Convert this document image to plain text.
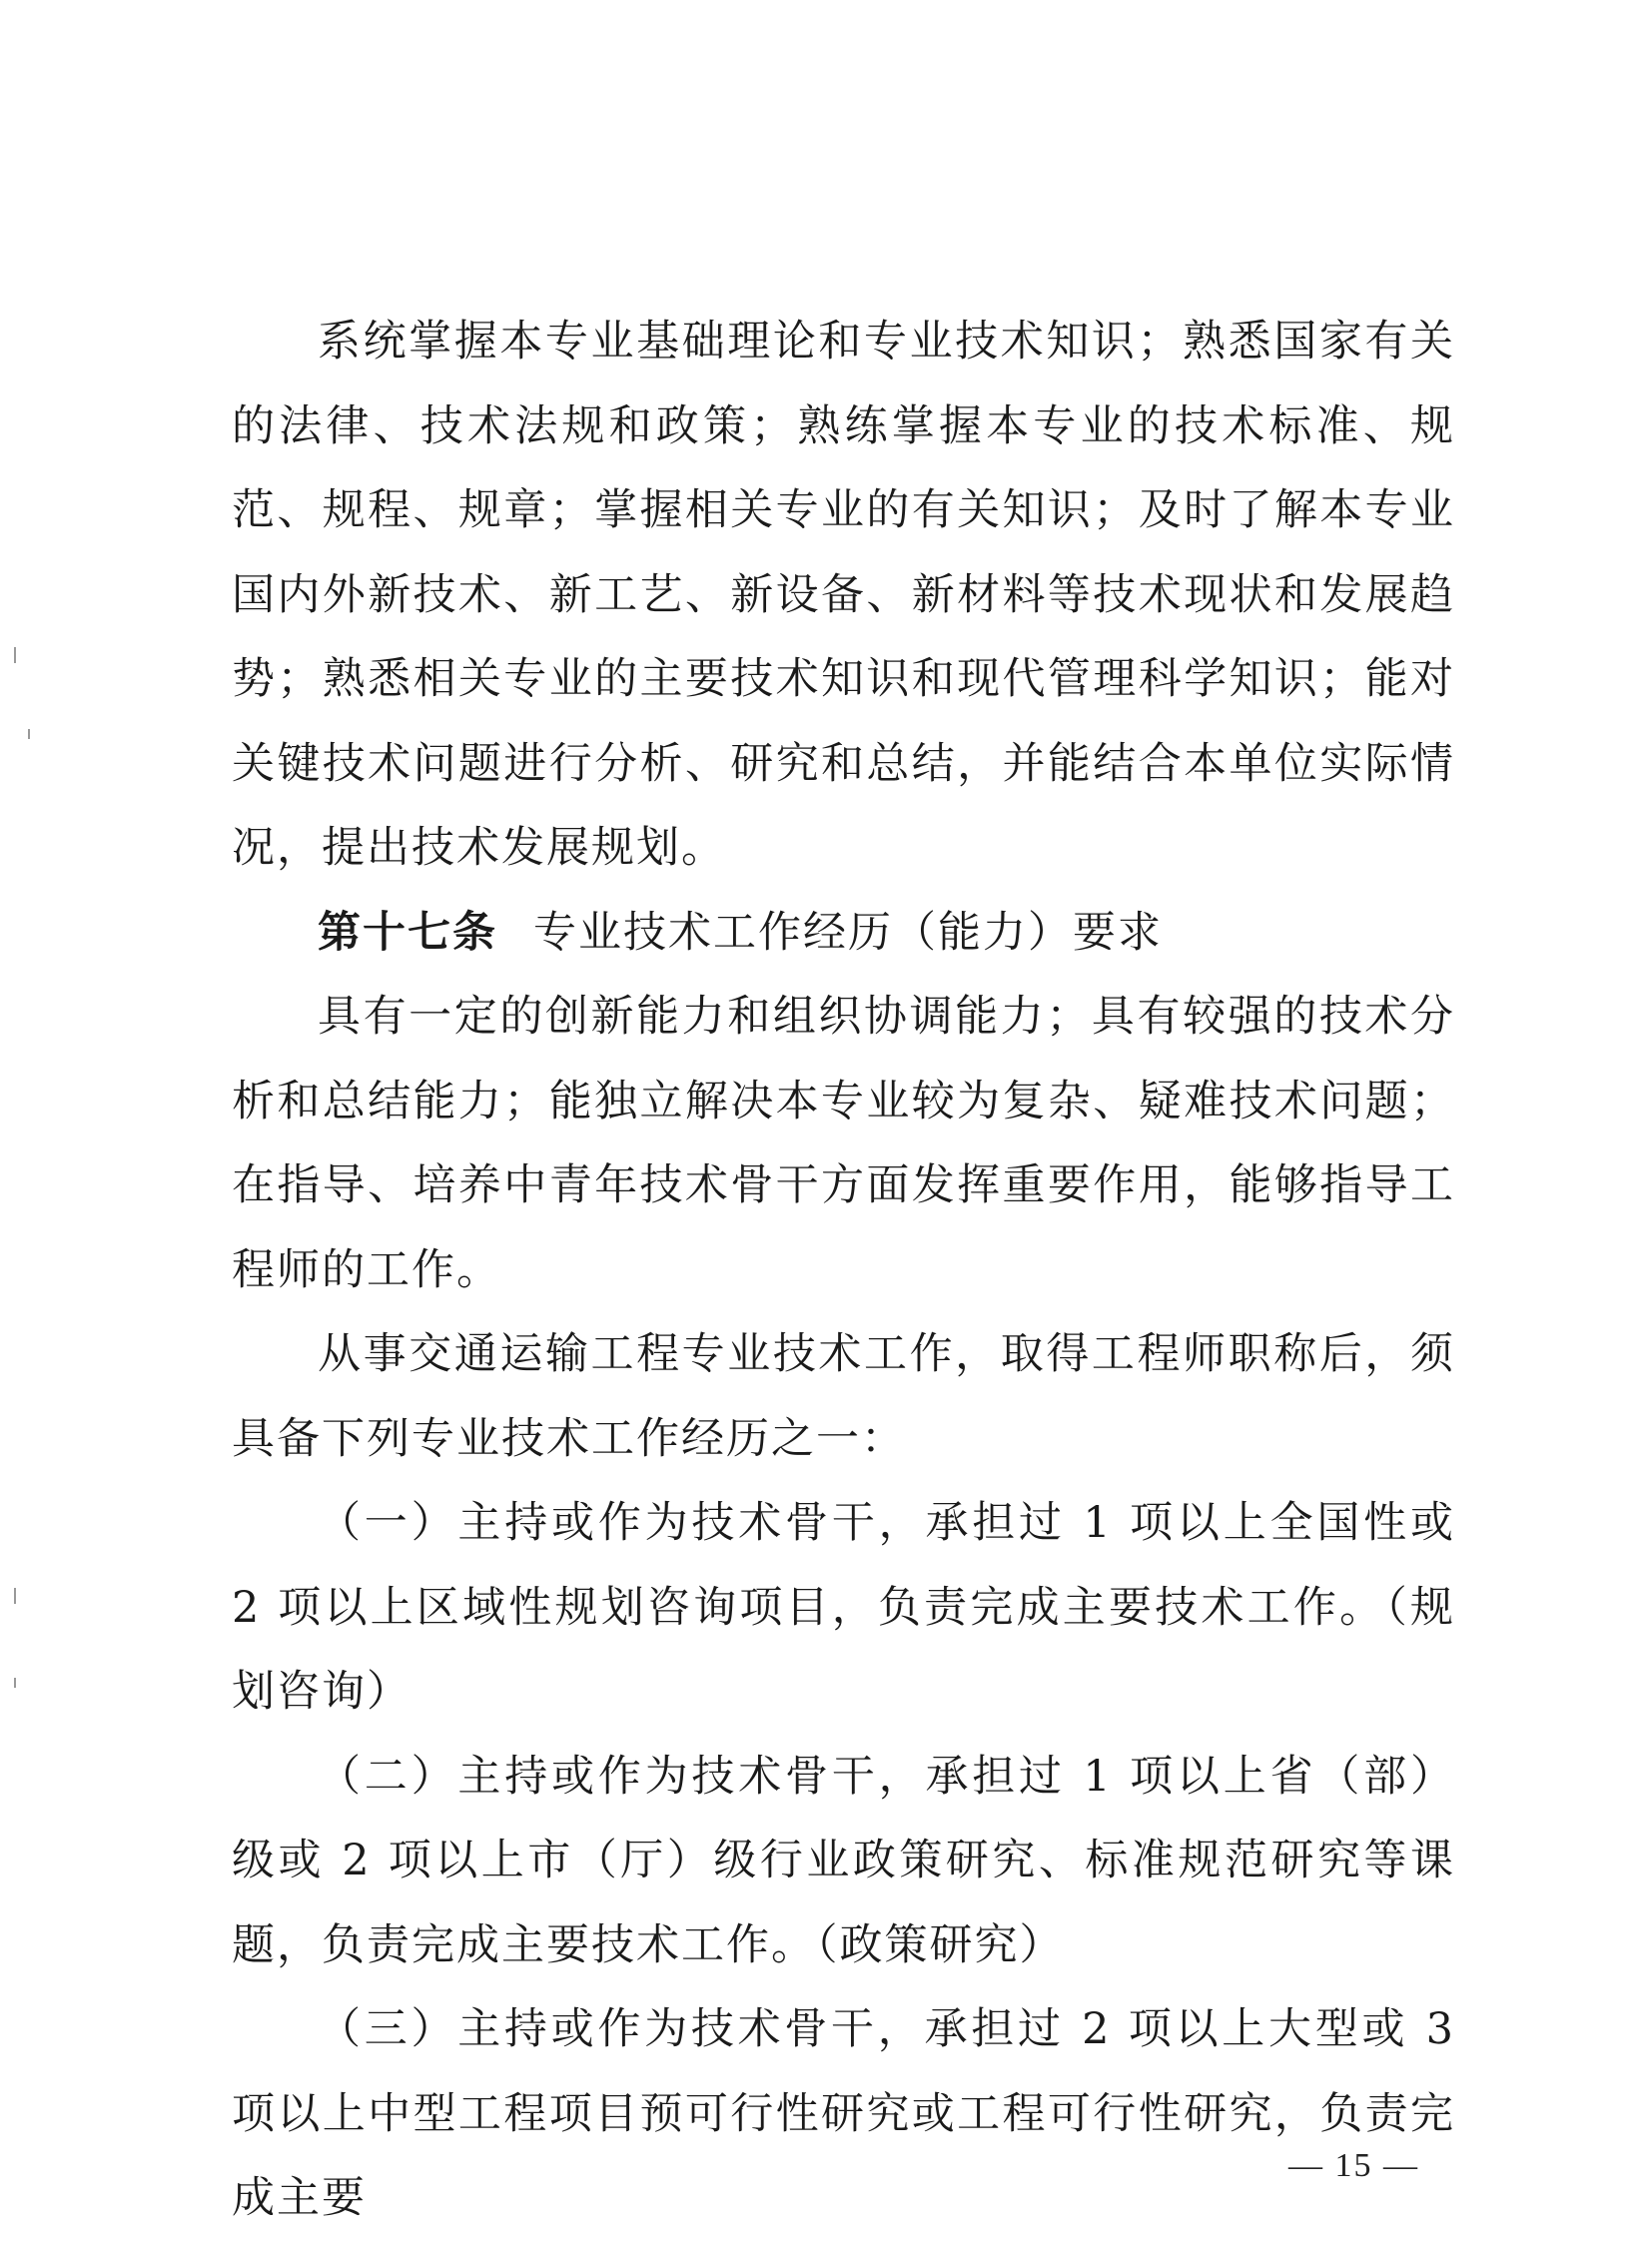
系统掌握本专业基础理论和专业技术知识；熟悉国家有关的法律、技术法规和政策；熟练掌握本专业的技术标准、规范、规程、规章；掌握相关专业的有关知识；及时了解本专业国内外新技术、新工艺、新设备、新材料等技术现状和发展趋势；熟悉相关专业的主要技术知识和现代管理科学知识；能对关键技术问题进行分析、研究和总结，并能结合本单位实际情况，提出技术发展规划。

第十七条 专业技术工作经历（能力）要求

具有一定的创新能力和组织协调能力；具有较强的技术分析和总结能力；能独立解决本专业较为复杂、疑难技术问题；在指导、培养中青年技术骨干方面发挥重要作用，能够指导工程师的工作。

从事交通运输工程专业技术工作，取得工程师职称后，须具备下列专业技术工作经历之一：

（一）主持或作为技术骨干，承担过 1 项以上全国性或 2 项以上区域性规划咨询项目，负责完成主要技术工作。（规划咨询）

（二）主持或作为技术骨干，承担过 1 项以上省（部）级或 2 项以上市（厅）级行业政策研究、标准规范研究等课题，负责完成主要技术工作。（政策研究）

（三）主持或作为技术骨干，承担过 2 项以上大型或 3 项以上中型工程项目预可行性研究或工程可行性研究，负责完成主要

— 15 —
